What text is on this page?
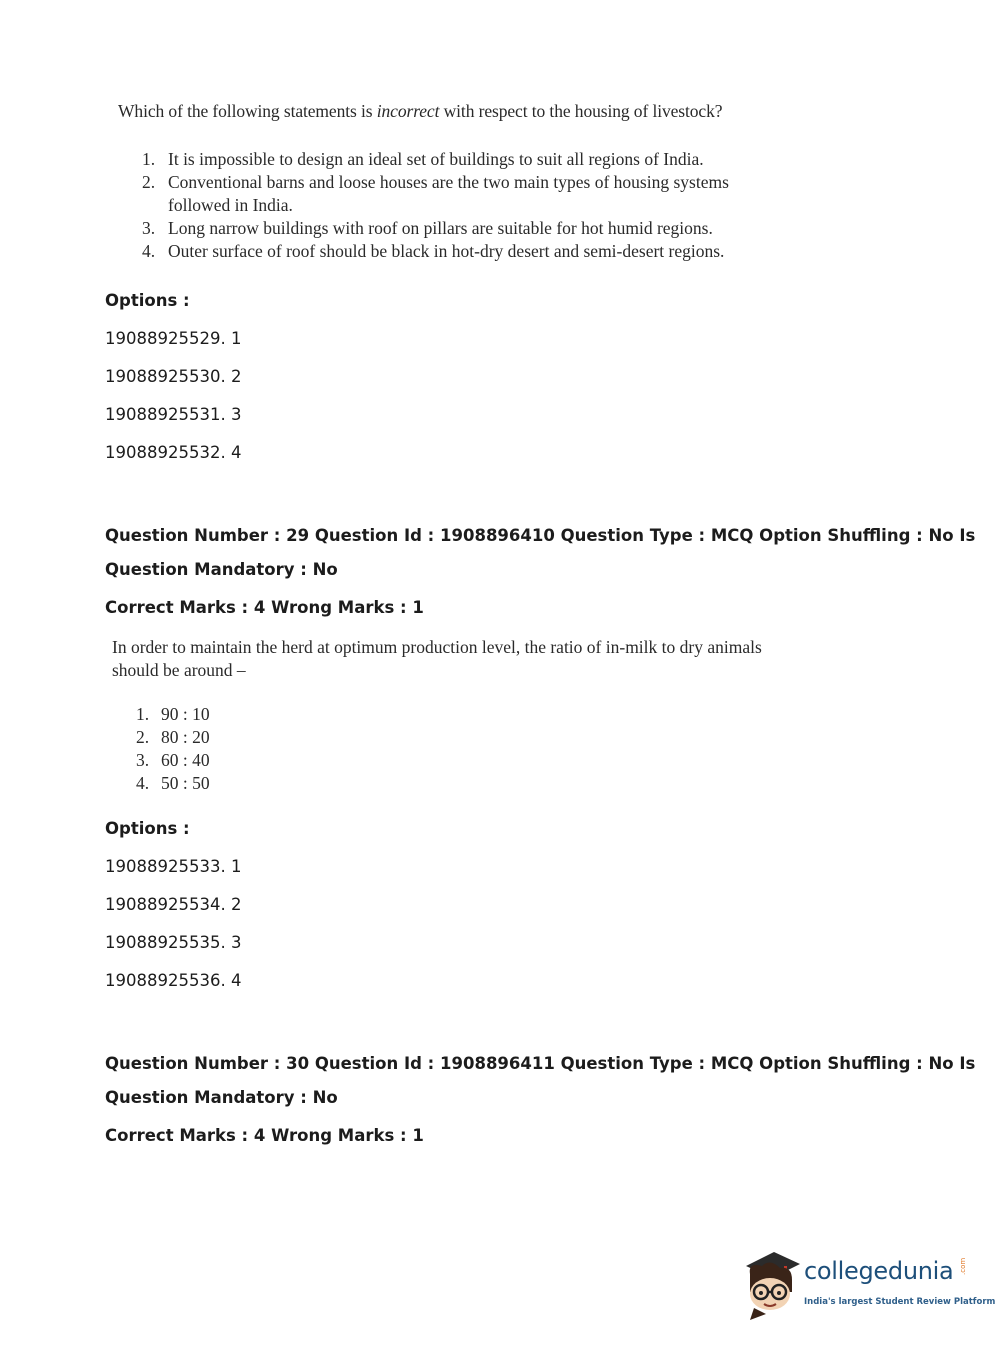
Which of the following statements is incorrect with respect to the housing of livestock?
1. It is impossible to design an ideal set of buildings to suit all regions of India.
2. Conventional barns and loose houses are the two main types of housing systems
followed in India.
3. Long narrow buildings with roof on pillars are suitable for hot humid regions.
4. Outer surface of roof should be black in hot-dry desert and semi-desert regions.
Options :
19088925529. 1
19088925530. 2
19088925531. 3
19088925532. 4
Question Number : 29 Question Id : 1908896410 Question Type : MCQ Option Shuffling : No Is
Question Mandatory : No
Correct Marks : 4 Wrong Marks : 1
In order to maintain the herd at optimum production level, the ratio of in-milk to dry animals
should be around –
1. 90 : 10
2. 80 : 20
3. 60 : 40
4. 50 : 50
Options :
19088925533. 1
19088925534. 2
19088925535. 3
19088925536. 4
Question Number : 30 Question Id : 1908896411 Question Type : MCQ Option Shuffling : No Is
Question Mandatory : No
Correct Marks : 4 Wrong Marks : 1
collegedunia
India's largest Student Review Platform
.com
